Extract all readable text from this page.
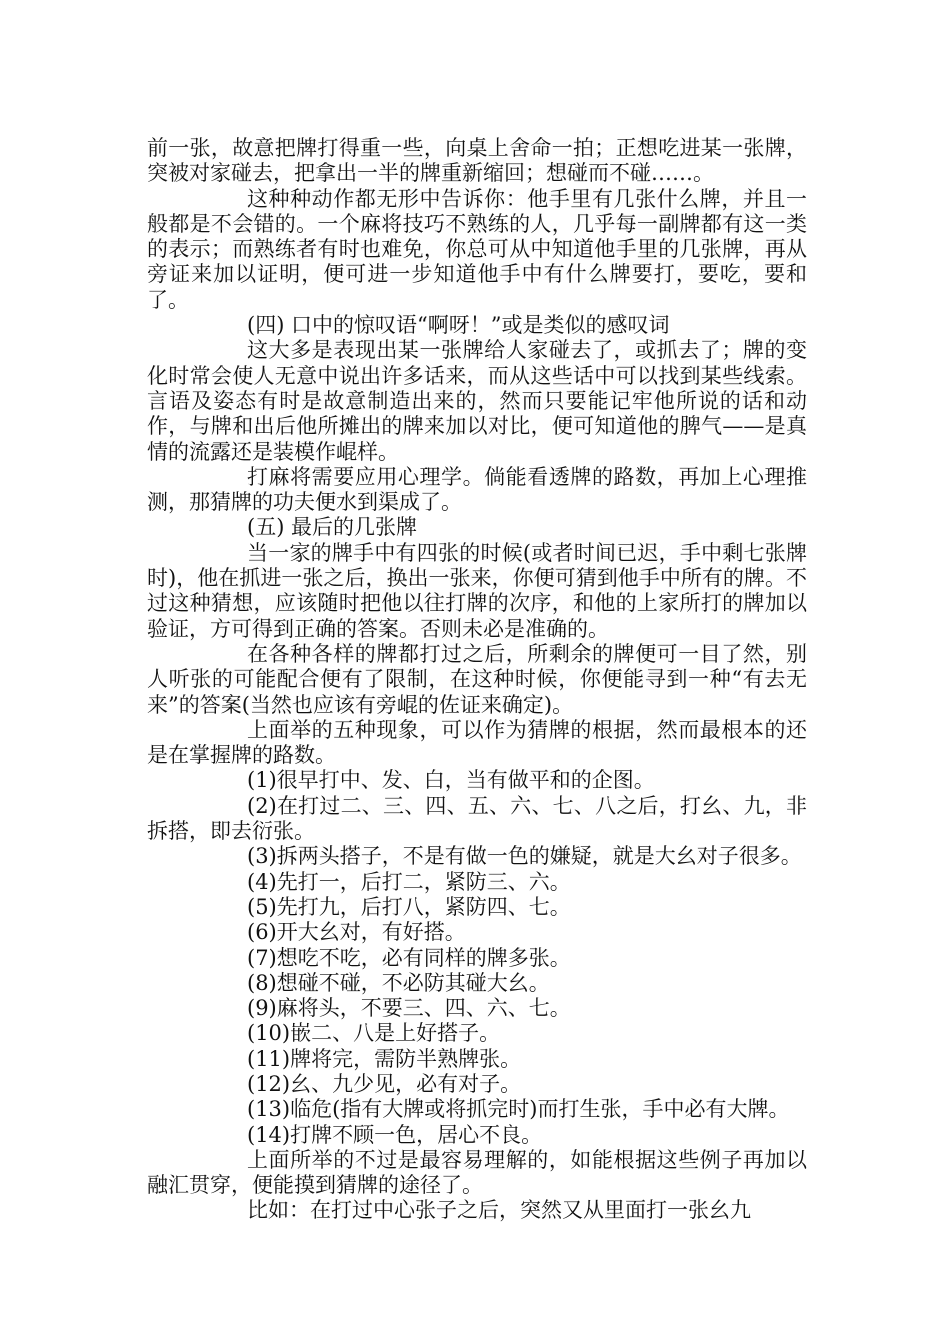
前一张，故意把牌打得重一些，向桌上舍命一拍；正想吃进某一张牌，突被对家碰去，把拿出一半的牌重新缩回；想碰而不碰……。

这种种动作都无形中告诉你：他手里有几张什么牌，并且一般都是不会错的。一个麻将技巧不熟练的人，几乎每一副牌都有这一类的表示；而熟练者有时也难免，你总可从中知道他手里的几张牌，再从旁证来加以证明，便可进一步知道他手中有什么牌要打，要吃，要和了。

(四) 口中的惊叹语“啊呀！”或是类似的感叹词

这大多是表现出某一张牌给人家碰去了，或抓去了；牌的变化时常会使人无意中说出许多话来，而从这些话中可以找到某些线索。 言语及姿态有时是故意制造出来的，然而只要能记牢他所说的话和动作，与牌和出后他所摊出的牌来加以对比，便可知道他的脾气——是真情的流露还是装模作崐样。

打麻将需要应用心理学。倘能看透牌的路数，再加上心理推测，那猜牌的功夫便水到渠成了。

(五) 最后的几张牌

当一家的牌手中有四张的时候(或者时间已迟，手中剩七张牌时)，他在抓进一张之后，换出一张来，你便可猜到他手中所有的牌。不过这种猜想，应该随时把他以往打牌的次序，和他的上家所打的牌加以验证，方可得到正确的答案。否则未必是准确的。

在各种各样的牌都打过之后，所剩余的牌便可一目了然，别人听张的可能配合便有了限制，在这种时候，你便能寻到一种“有去无来”的答案(当然也应该有旁崐的佐证来确定)。

上面举的五种现象，可以作为猜牌的根据，然而最根本的还是在掌握牌的路数。

(1)很早打中、发、白，当有做平和的企图。

(2)在打过二、三、四、五、六、七、八之后，打幺、九，非拆搭，即去衍张。

(3)拆两头搭子，不是有做一色的嫌疑，就是大幺对子很多。

(4)先打一，后打二，紧防三、六。

(5)先打九，后打八，紧防四、七。

(6)开大幺对，有好搭。

(7)想吃不吃，必有同样的牌多张。

(8)想碰不碰，不必防其碰大幺。

(9)麻将头，不要三、四、六、七。

(10)嵌二、八是上好搭子。

(11)牌将完，需防半熟牌张。

(12)幺、九少见，必有对子。

(13)临危(指有大牌或将抓完时)而打生张，手中必有大牌。

(14)打牌不顾一色，居心不良。

上面所举的不过是最容易理解的，如能根据这些例子再加以融汇贯穿，便能摸到猜牌的途径了。

比如：在打过中心张子之后，突然又从里面打一张幺九
